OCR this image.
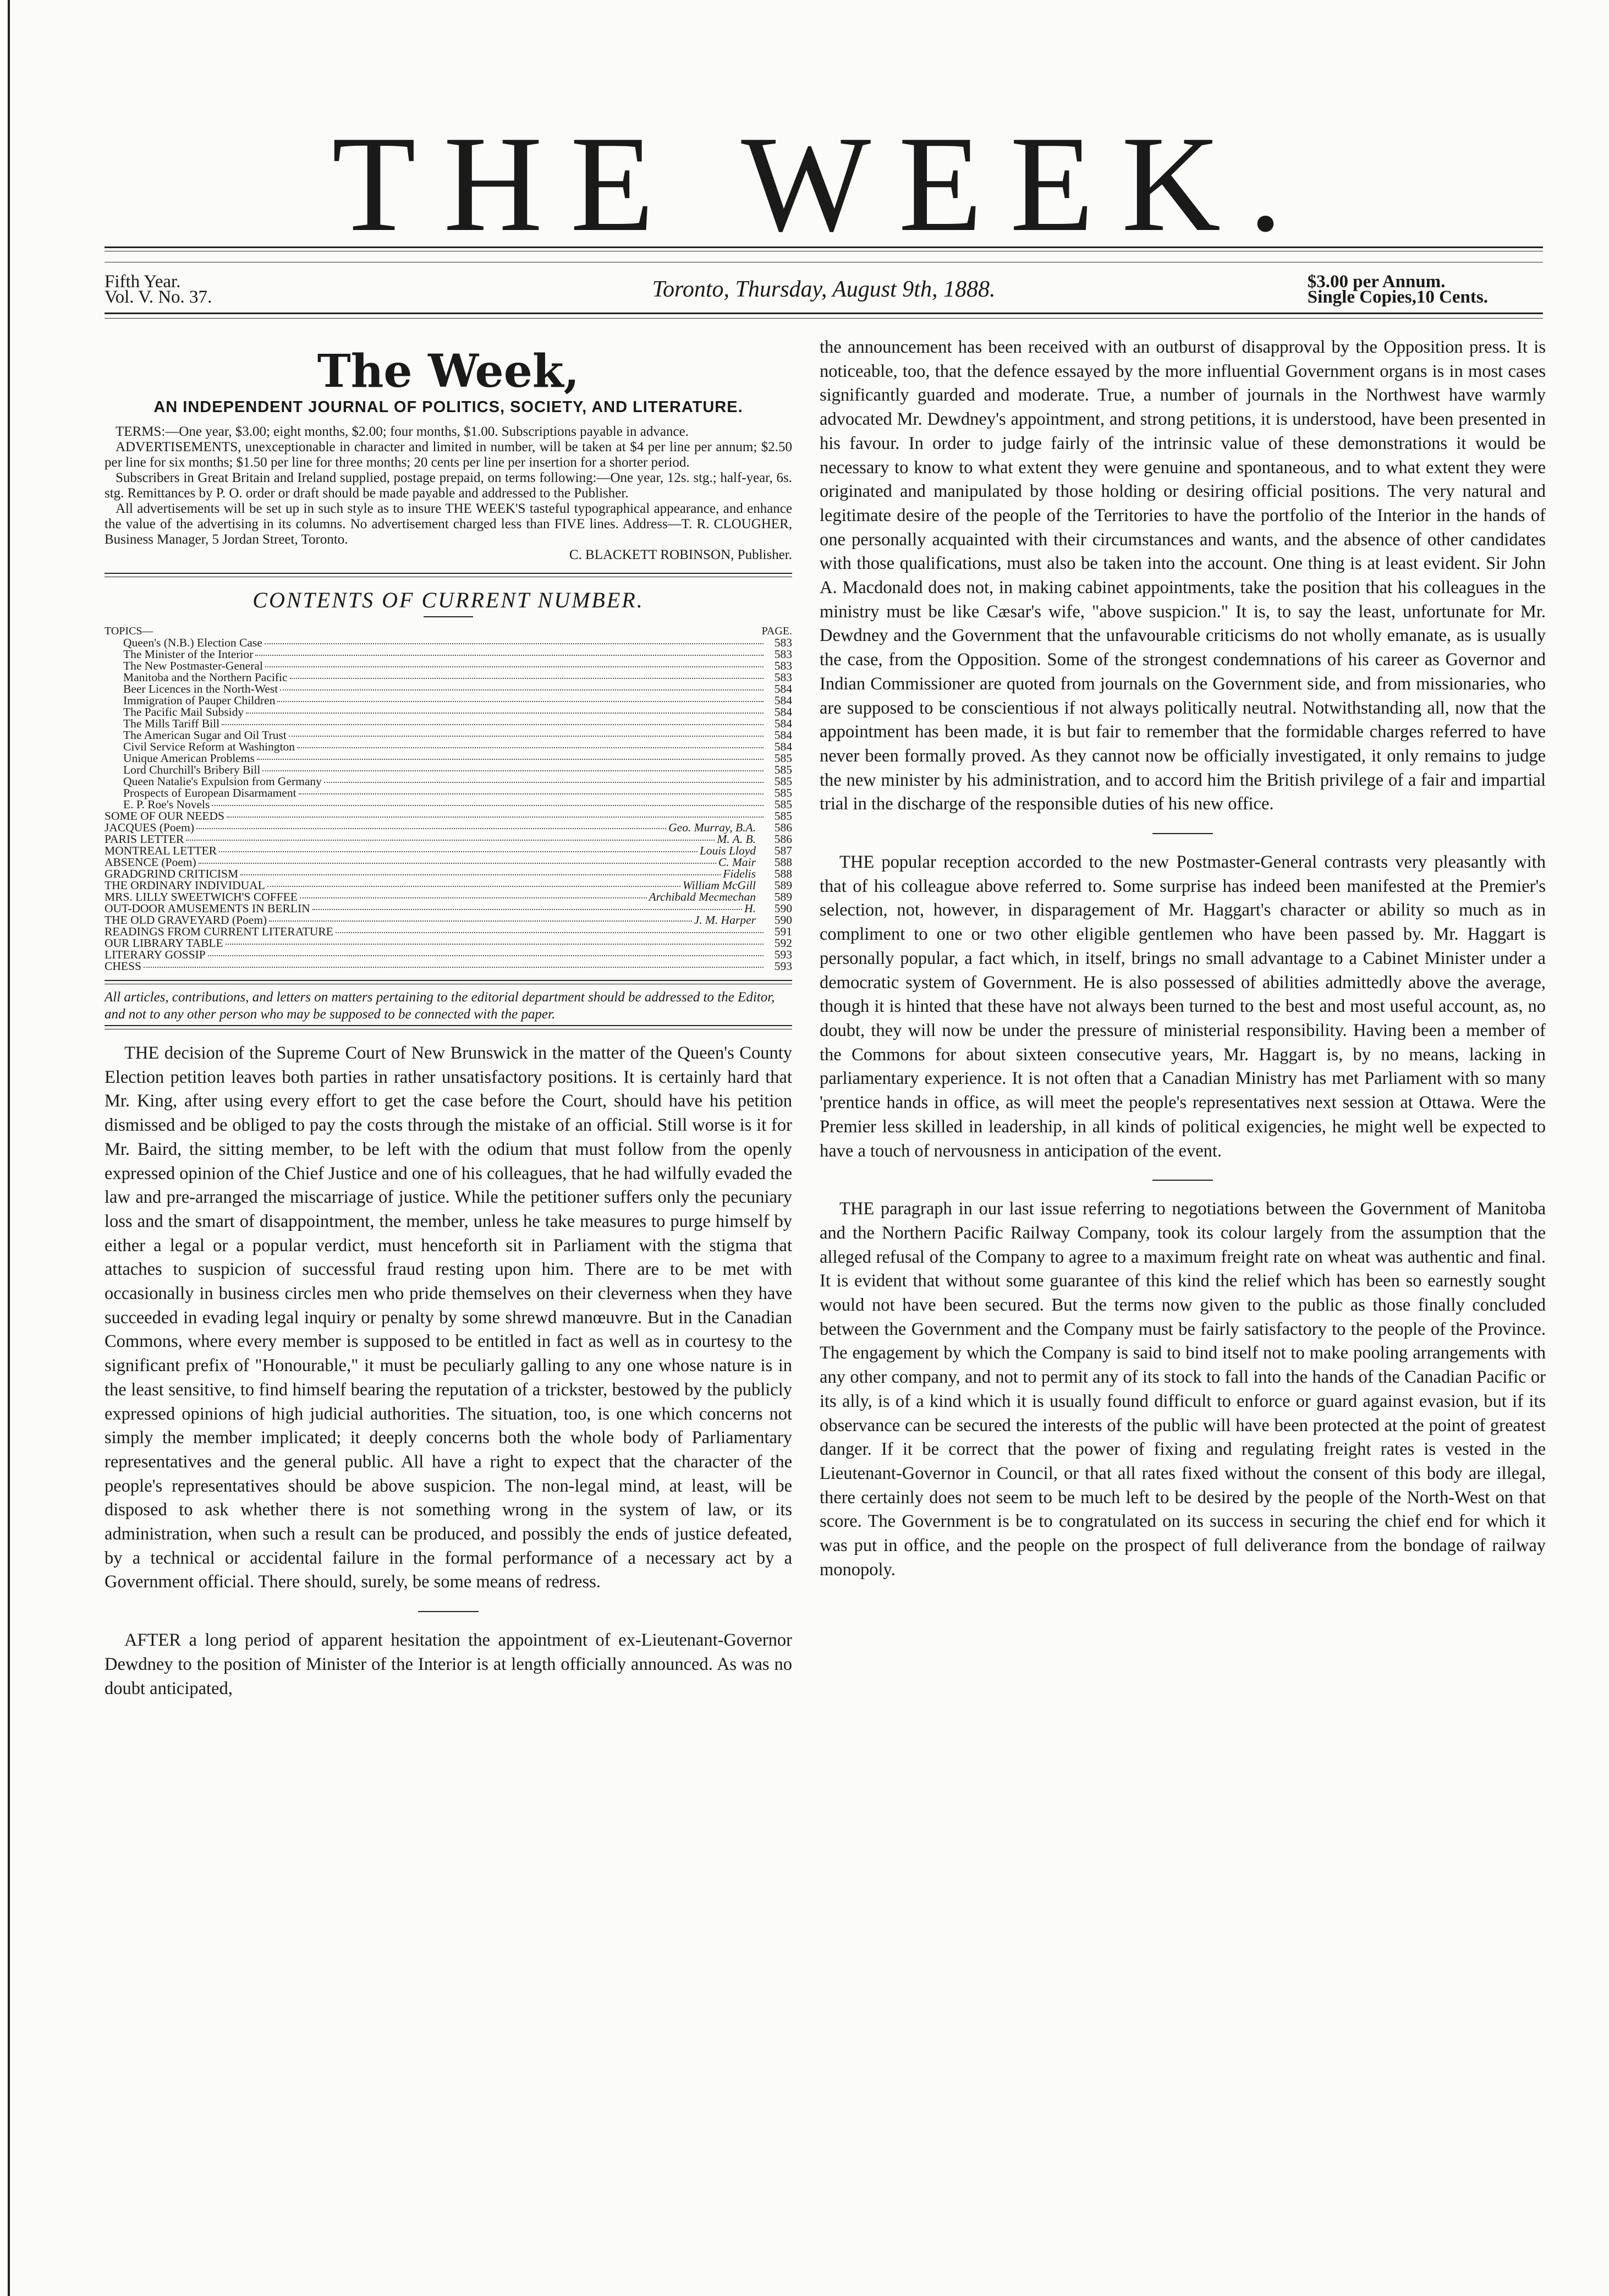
THE WEEK.
Fifth Year.
Vol. V. No. 37.	Toronto, Thursday, August 9th, 1888.	$3.00 per Annum.
Single Copies,10 Cents.
The Week,
AN INDEPENDENT JOURNAL OF POLITICS, SOCIETY, AND LITERATURE.

TERMS:—One year, $3.00; eight months, $2.00; four months, $1.00. Subscriptions payable in advance.

ADVERTISEMENTS, unexceptionable in character and limited in number, will be taken at $4 per line per annum; $2.50 per line for six months; $1.50 per line for three months; 20 cents per line per insertion for a shorter period.

Subscribers in Great Britain and Ireland supplied, postage prepaid, on terms following:—One year, 12s. stg.; half-year, 6s. stg. Remittances by P. O. order or draft should be made payable and addressed to the Publisher.

All advertisements will be set up in such style as to insure THE WEEK'S tasteful typographical appearance, and enhance the value of the advertising in its columns. No advertisement charged less than FIVE lines. Address—T. R. CLOUGHER, Business Manager, 5 Jordan Street, Toronto.

C. BLACKETT ROBINSON, Publisher.

CONTENTS OF CURRENT NUMBER.
TOPICS—	PAGE.
Queen's (N.B.) Election Case	583
The Minister of the Interior	583
The New Postmaster-General	583
Manitoba and the Northern Pacific	583
Beer Licences in the North-West	584
Immigration of Pauper Children	584
The Pacific Mail Subsidy	584
The Mills Tariff Bill	584
The American Sugar and Oil Trust	584
Civil Service Reform at Washington	584
Unique American Problems	585
Lord Churchill's Bribery Bill	585
Queen Natalie's Expulsion from Germany	585
Prospects of European Disarmament	585
E. P. Roe's Novels	585
SOME OF OUR NEEDS	585
JACQUES (Poem)	Geo. Murray, B.A.	586
PARIS LETTER	M. A. B.	586
MONTREAL LETTER	Louis Lloyd	587
ABSENCE (Poem)	C. Mair	588
GRADGRIND CRITICISM	Fidelis	588
THE ORDINARY INDIVIDUAL	William McGill	589
MRS. LILLY SWEETWICH'S COFFEE	Archibald Mecmechan	589
OUT-DOOR AMUSEMENTS IN BERLIN	H.	590
THE OLD GRAVEYARD (Poem)	J. M. Harper	590
READINGS FROM CURRENT LITERATURE	591
OUR LIBRARY TABLE	592
LITERARY GOSSIP	593
CHESS	593
All articles, contributions, and letters on matters pertaining to the editorial department should be addressed to the Editor, and not to any other person who may be supposed to be connected with the paper.

THE decision of the Supreme Court of New Brunswick in the matter of the Queen's County Election petition leaves both parties in rather unsatisfactory positions. It is certainly hard that Mr. King, after using every effort to get the case before the Court, should have his petition dismissed and be obliged to pay the costs through the mistake of an official. Still worse is it for Mr. Baird, the sitting member, to be left with the odium that must follow from the openly expressed opinion of the Chief Justice and one of his colleagues, that he had wilfully evaded the law and pre-arranged the miscarriage of justice. While the petitioner suffers only the pecuniary loss and the smart of disappointment, the member, unless he take measures to purge himself by either a legal or a popular verdict, must henceforth sit in Parliament with the stigma that attaches to suspicion of successful fraud resting upon him. There are to be met with occasionally in business circles men who pride themselves on their cleverness when they have succeeded in evading legal inquiry or penalty by some shrewd manœuvre. But in the Canadian Commons, where every member is supposed to be entitled in fact as well as in courtesy to the significant prefix of "Honourable," it must be peculiarly galling to any one whose nature is in the least sensitive, to find himself bearing the reputation of a trickster, bestowed by the publicly expressed opinions of high judicial authorities. The situation, too, is one which concerns not simply the member implicated; it deeply concerns both the whole body of Parliamentary representatives and the general public. All have a right to expect that the character of the people's representatives should be above suspicion. The non-legal mind, at least, will be disposed to ask whether there is not something wrong in the system of law, or its administration, when such a result can be produced, and possibly the ends of justice defeated, by a technical or accidental failure in the formal performance of a necessary act by a Government official. There should, surely, be some means of redress.

AFTER a long period of apparent hesitation the appointment of ex-Lieutenant-Governor Dewdney to the position of Minister of the Interior is at length officially announced. As was no doubt anticipated,

the announcement has been received with an outburst of disapproval by the Opposition press. It is noticeable, too, that the defence essayed by the more influential Government organs is in most cases significantly guarded and moderate. True, a number of journals in the Northwest have warmly advocated Mr. Dewdney's appointment, and strong petitions, it is understood, have been presented in his favour. In order to judge fairly of the intrinsic value of these demonstrations it would be necessary to know to what extent they were genuine and spontaneous, and to what extent they were originated and manipulated by those holding or desiring official positions. The very natural and legitimate desire of the people of the Territories to have the portfolio of the Interior in the hands of one personally acquainted with their circumstances and wants, and the absence of other candidates with those qualifications, must also be taken into the account. One thing is at least evident. Sir John A. Macdonald does not, in making cabinet appointments, take the position that his colleagues in the ministry must be like Cæsar's wife, "above suspicion." It is, to say the least, unfortunate for Mr. Dewdney and the Government that the unfavourable criticisms do not wholly emanate, as is usually the case, from the Opposition. Some of the strongest condemnations of his career as Governor and Indian Commissioner are quoted from journals on the Government side, and from missionaries, who are supposed to be conscientious if not always politically neutral. Notwithstanding all, now that the appointment has been made, it is but fair to remember that the formidable charges referred to have never been formally proved. As they cannot now be officially investigated, it only remains to judge the new minister by his administration, and to accord him the British privilege of a fair and impartial trial in the discharge of the responsible duties of his new office.

THE popular reception accorded to the new Postmaster-General contrasts very pleasantly with that of his colleague above referred to. Some surprise has indeed been manifested at the Premier's selection, not, however, in disparagement of Mr. Haggart's character or ability so much as in compliment to one or two other eligible gentlemen who have been passed by. Mr. Haggart is personally popular, a fact which, in itself, brings no small advantage to a Cabinet Minister under a democratic system of Government. He is also possessed of abilities admittedly above the average, though it is hinted that these have not always been turned to the best and most useful account, as, no doubt, they will now be under the pressure of ministerial responsibility. Having been a member of the Commons for about sixteen consecutive years, Mr. Haggart is, by no means, lacking in parliamentary experience. It is not often that a Canadian Ministry has met Parliament with so many 'prentice hands in office, as will meet the people's representatives next session at Ottawa. Were the Premier less skilled in leadership, in all kinds of political exigencies, he might well be expected to have a touch of nervousness in anticipation of the event.

THE paragraph in our last issue referring to negotiations between the Government of Manitoba and the Northern Pacific Railway Company, took its colour largely from the assumption that the alleged refusal of the Company to agree to a maximum freight rate on wheat was authentic and final. It is evident that without some guarantee of this kind the relief which has been so earnestly sought would not have been secured. But the terms now given to the public as those finally concluded between the Government and the Company must be fairly satisfactory to the people of the Province. The engagement by which the Company is said to bind itself not to make pooling arrangements with any other company, and not to permit any of its stock to fall into the hands of the Canadian Pacific or its ally, is of a kind which it is usually found difficult to enforce or guard against evasion, but if its observance can be secured the interests of the public will have been protected at the point of greatest danger. If it be correct that the power of fixing and regulating freight rates is vested in the Lieutenant-Governor in Council, or that all rates fixed without the consent of this body are illegal, there certainly does not seem to be much left to be desired by the people of the North-West on that score. The Government is be to congratulated on its success in securing the chief end for which it was put in office, and the people on the prospect of full deliverance from the bondage of railway monopoly.
